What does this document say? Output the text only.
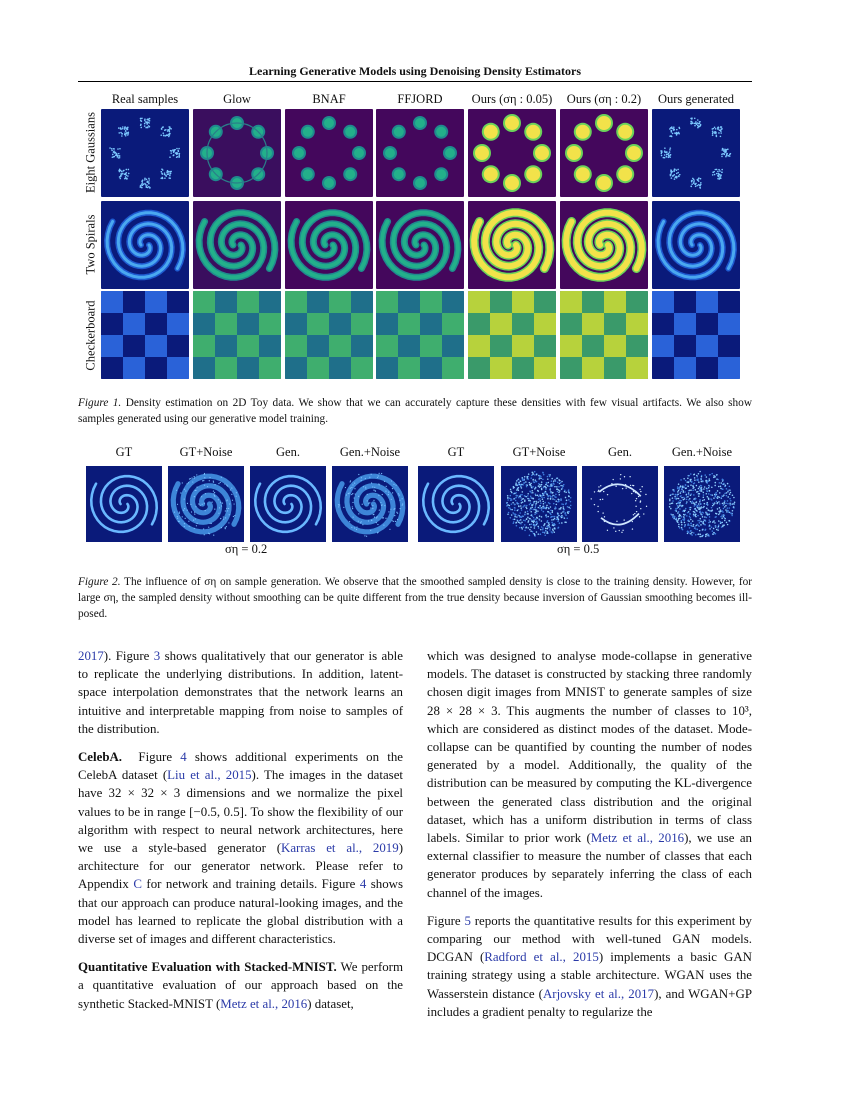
Learning Generative Models using Denoising Density Estimators
Real samples	Glow	BNAF	FFJORD	Ours (ση : 0.05)	Ours (ση : 0.2)	Ours generated
Eight Gaussians
Two Spirals
Checkerboard
Figure 1. Density estimation on 2D Toy data. We show that we can accurately capture these densities with few visual artifacts. We also show samples generated using our generative model training.
GT	GT+Noise	Gen.	Gen.+Noise	GT	GT+Noise	Gen.	Gen.+Noise
ση = 0.2	ση = 0.5
Figure 2. The influence of ση on sample generation. We observe that the smoothed sampled density is close to the training density. However, for large ση, the sampled density without smoothing can be quite different from the true density because inversion of Gaussian smoothing becomes ill-posed.

2017). Figure 3 shows qualitatively that our generator is able to replicate the underlying distributions. In addition, latent-space interpolation demonstrates that the network learns an intuitive and interpretable mapping from noise to samples of the distribution.

CelebA.  Figure 4 shows additional experiments on the CelebA dataset (Liu et al., 2015). The images in the dataset have 32 × 32 × 3 dimensions and we normalize the pixel values to be in range [−0.5, 0.5]. To show the flexibility of our algorithm with respect to neural network architectures, here we use a style-based generator (Karras et al., 2019) architecture for our generator network. Please refer to Appendix C for network and training details. Figure 4 shows that our approach can produce natural-looking images, and the model has learned to replicate the global distribution with a diverse set of images and different characteristics.

Quantitative Evaluation with Stacked-MNIST. We perform a quantitative evaluation of our approach based on the synthetic Stacked-MNIST (Metz et al., 2016) dataset,

which was designed to analyse mode-collapse in generative models. The dataset is constructed by stacking three randomly chosen digit images from MNIST to generate samples of size 28 × 28 × 3. This augments the number of classes to 10³, which are considered as distinct modes of the dataset. Mode-collapse can be quantified by counting the number of nodes generated by a model. Additionally, the quality of the distribution can be measured by computing the KL-divergence between the generated class distribution and the original dataset, which has a uniform distribution in terms of class labels. Similar to prior work (Metz et al., 2016), we use an external classifier to measure the number of classes that each generator produces by separately inferring the class of each channel of the images.

Figure 5 reports the quantitative results for this experiment by comparing our method with well-tuned GAN models. DCGAN (Radford et al., 2015) implements a basic GAN training strategy using a stable architecture. WGAN uses the Wasserstein distance (Arjovsky et al., 2017), and WGAN+GP includes a gradient penalty to regularize the
